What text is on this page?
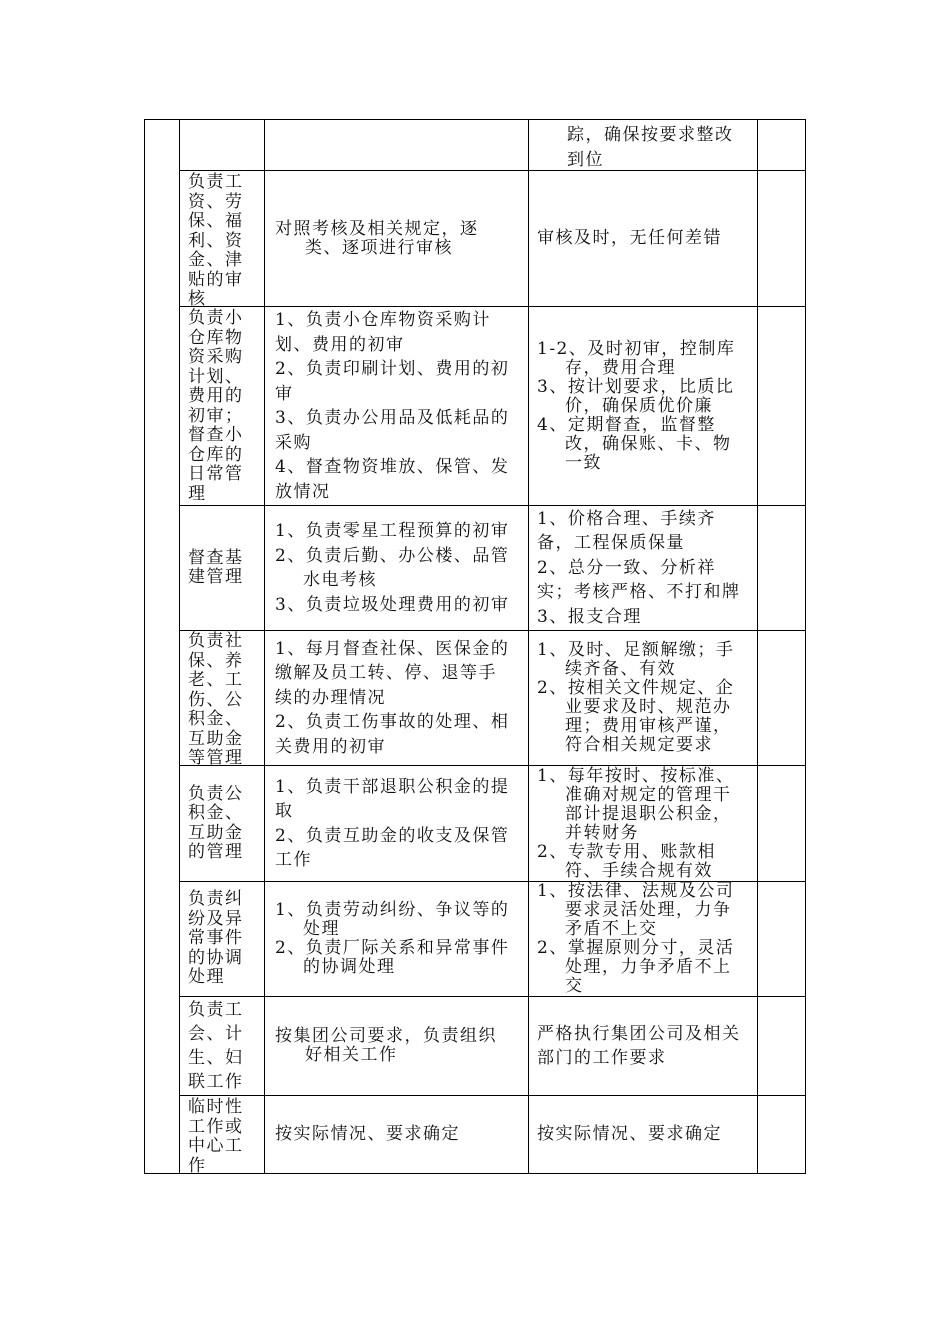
踪，确保按要求整改
到位
负责工
资、劳
保、福
利、资
金、津
贴的审
核
对照考核及相关规定，逐
类、逐项进行审核	审核及时，无任何差错
负责小
仓库物
资采购
计划、
费用的
初审；
督查小
仓库的
日常管
理
1、负责小仓库物资采购计
划、费用的初审
2、负责印刷计划、费用的初
审
3、负责办公用品及低耗品的
采购
4、督查物资堆放、保管、发
放情况
1-2、及时初审，控制库
存，费用合理
3、按计划要求，比质比
价，确保质优价廉
4、定期督查，监督整
改，确保账、卡、物
一致
督查基
建管理
1、负责零星工程预算的初审
2、负责后勤、办公楼、品管
水电考核
3、负责垃圾处理费用的初审
1、价格合理、手续齐
备，工程保质保量
2、总分一致、分析祥
实；考核严格、不打和牌
3、报支合理
负责社
保、养
老、工
伤、公
积金、
互助金
等管理
1、每月督查社保、医保金的
缴解及员工转、停、退等手
续的办理情况
2、负责工伤事故的处理、相
关费用的初审
1、及时、足额解缴；手
续齐备、有效
2、按相关文件规定、企
业要求及时、规范办
理；费用审核严谨，
符合相关规定要求
负责公
积金、
互助金
的管理
1、负责干部退职公积金的提
取
2、负责互助金的收支及保管
工作
1、每年按时、按标准、
准确对规定的管理干
部计提退职公积金，
并转财务
2、专款专用、账款相
符、手续合规有效
负责纠
纷及异
常事件
的协调
处理
1、负责劳动纠纷、争议等的
处理
2、负责厂际关系和异常事件
的协调处理
1、按法律、法规及公司
要求灵活处理，力争
矛盾不上交
2、掌握原则分寸，灵活
处理，力争矛盾不上
交
负责工
会、计
生、妇
联工作
按集团公司要求，负责组织
好相关工作
严格执行集团公司及相关
部门的工作要求
临时性
工作或
中心工
作
按实际情况、要求确定	按实际情况、要求确定
